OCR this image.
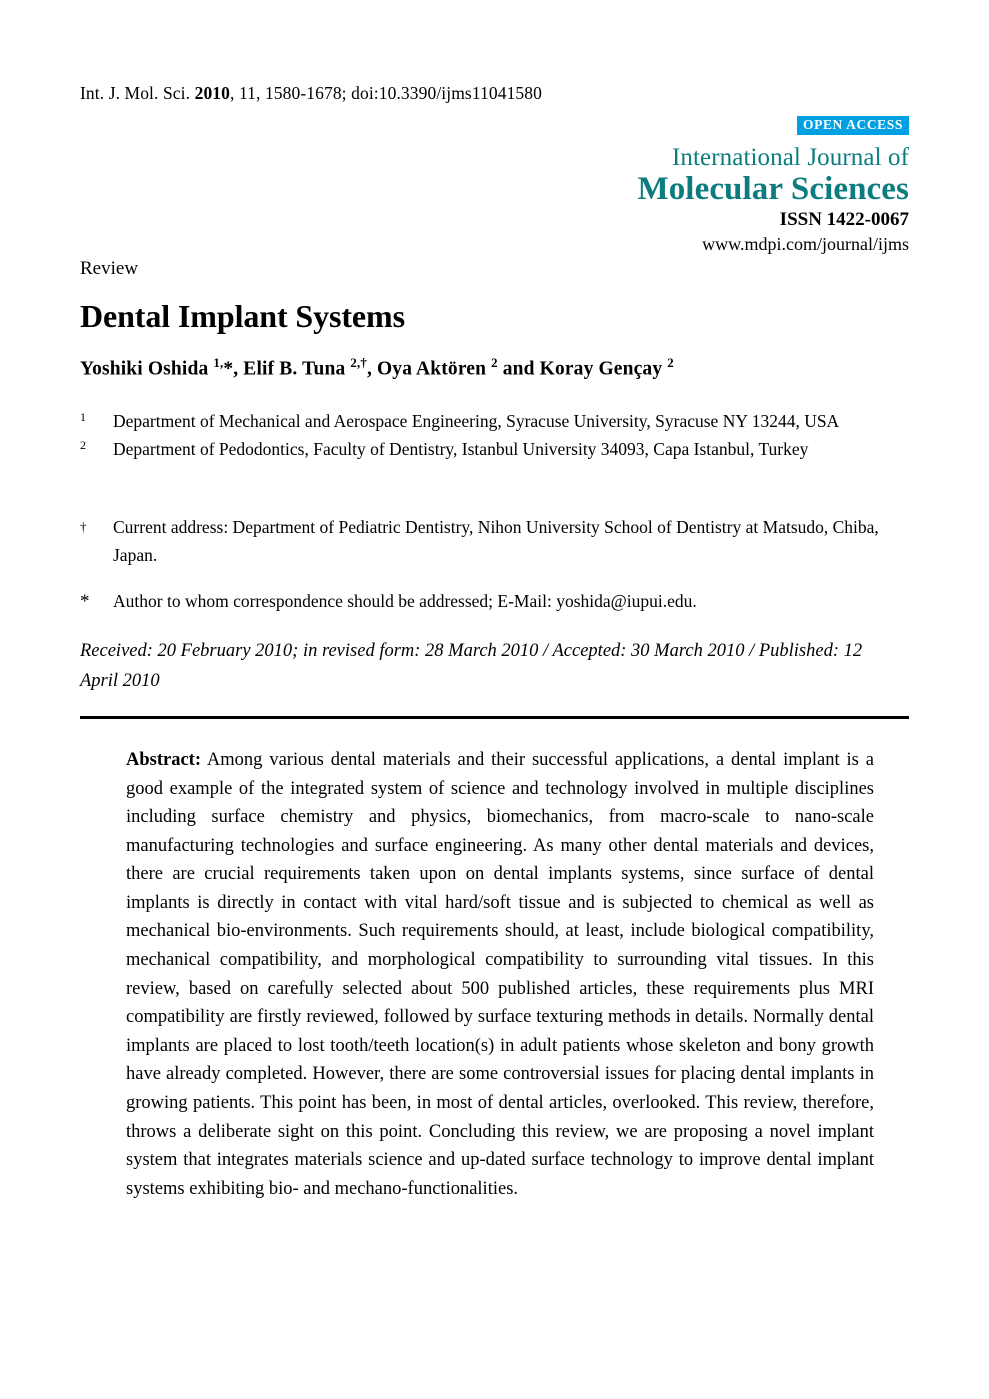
Int. J. Mol. Sci. 2010, 11, 1580-1678; doi:10.3390/ijms11041580
OPEN ACCESS
International Journal of
Molecular Sciences
ISSN 1422-0067
www.mdpi.com/journal/ijms
Review
Dental Implant Systems
Yoshiki Oshida $^{1,}$*, Elif B. Tuna $^{2,\dagger}$, Oya Aktören $^2$ and Koray Gençay $^2$
1	Department of Mechanical and Aerospace Engineering, Syracuse University, Syracuse NY 13244, USA
2	Department of Pedodontics, Faculty of Dentistry, Istanbul University 34093, Capa Istanbul, Turkey
†	Current address: Department of Pediatric Dentistry, Nihon University School of Dentistry at Matsudo, Chiba, Japan.
*	Author to whom correspondence should be addressed; E-Mail: yoshida@iupui.edu.
Received: 20 February 2010; in revised form: 28 March 2010 / Accepted: 30 March 2010 / Published: 12 April 2010
Abstract: Among various dental materials and their successful applications, a dental implant is a good example of the integrated system of science and technology involved in multiple disciplines including surface chemistry and physics, biomechanics, from macro-scale to nano-scale manufacturing technologies and surface engineering. As many other dental materials and devices, there are crucial requirements taken upon on dental implants systems, since surface of dental implants is directly in contact with vital hard/soft tissue and is subjected to chemical as well as mechanical bio-environments. Such requirements should, at least, include biological compatibility, mechanical compatibility, and morphological compatibility to surrounding vital tissues. In this review, based on carefully selected about 500 published articles, these requirements plus MRI compatibility are firstly reviewed, followed by surface texturing methods in details. Normally dental implants are placed to lost tooth/teeth location(s) in adult patients whose skeleton and bony growth have already completed. However, there are some controversial issues for placing dental implants in growing patients. This point has been, in most of dental articles, overlooked. This review, therefore, throws a deliberate sight on this point. Concluding this review, we are proposing a novel implant system that integrates materials science and up-dated surface technology to improve dental implant systems exhibiting bio- and mechano-functionalities.
